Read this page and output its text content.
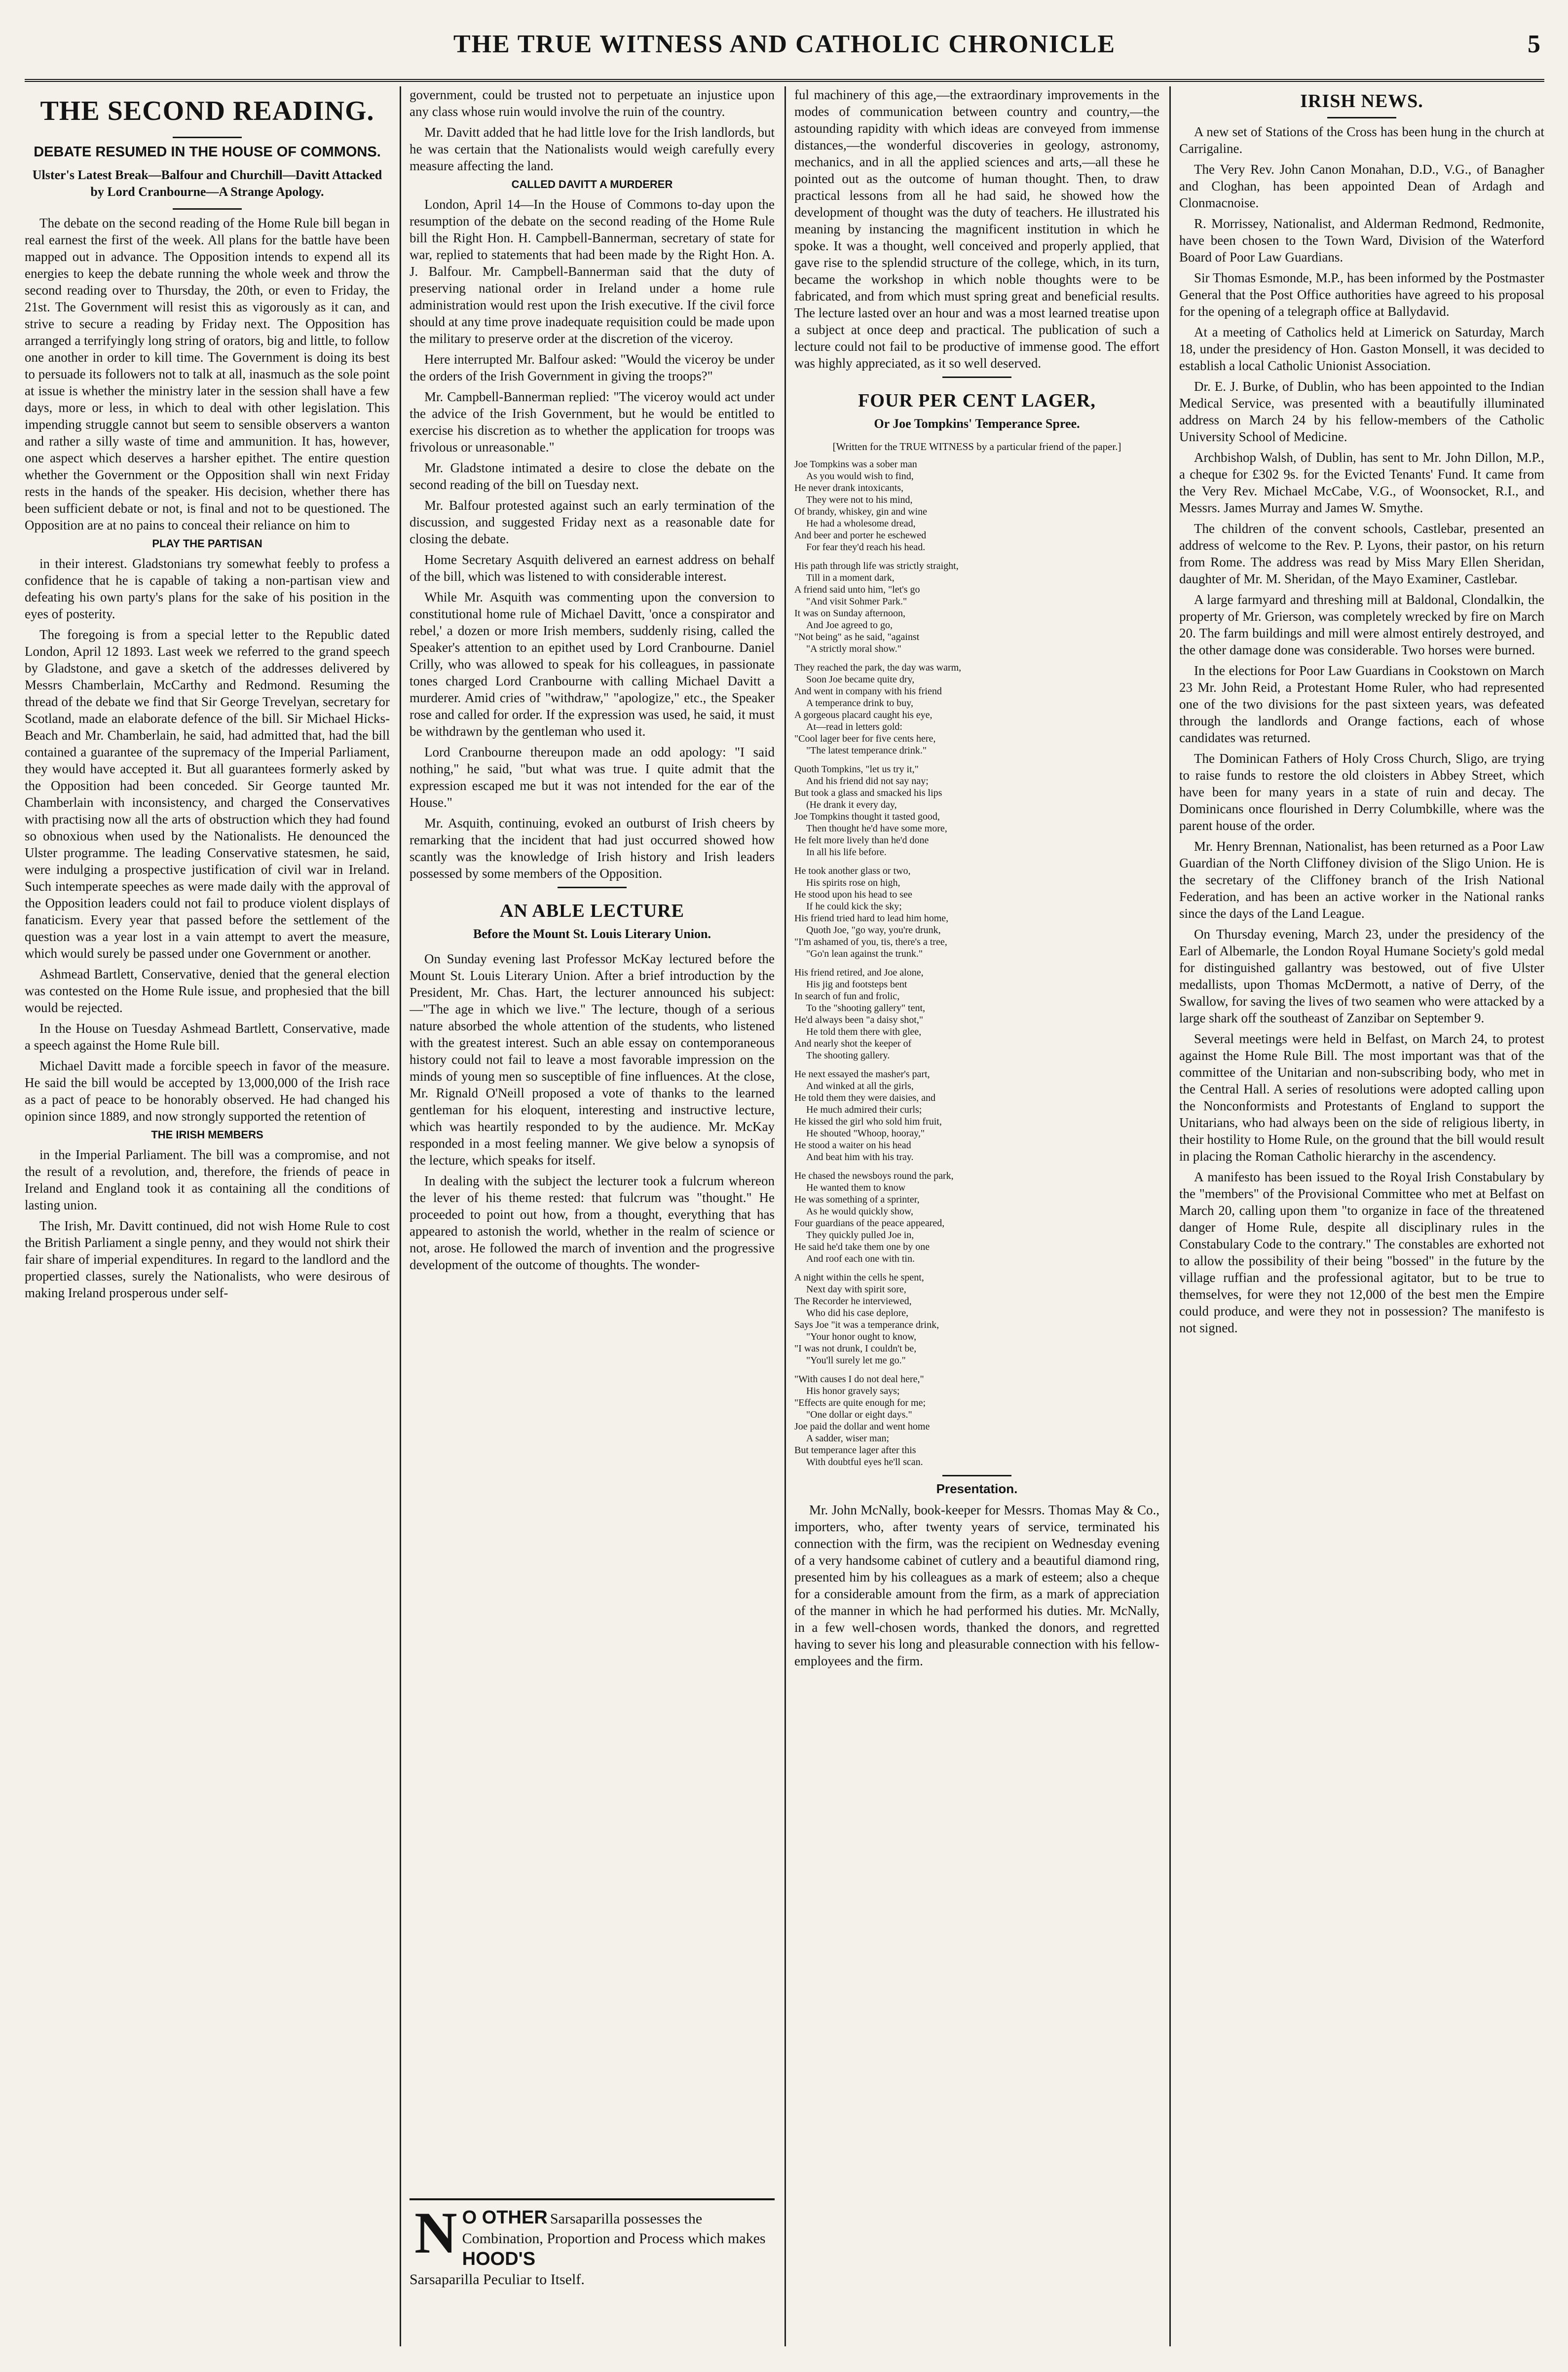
THE TRUE WITNESS AND CATHOLIC CHRONICLE	5
THE SECOND READING.
DEBATE RESUMED IN THE HOUSE OF COMMONS.
Ulster's Latest Break—Balfour and Churchill—Davitt Attacked by Lord Cranbourne—A Strange Apology.

The debate on the second reading of the Home Rule bill began in real earnest the first of the week. All plans for the battle have been mapped out in advance. The Opposition intends to expend all its energies to keep the debate running the whole week and throw the second reading over to Thursday, the 20th, or even to Friday, the 21st. The Government will resist this as vigorously as it can, and strive to secure a reading by Friday next. The Opposition has arranged a terrifyingly long string of orators, big and little, to follow one another in order to kill time. The Government is doing its best to persuade its followers not to talk at all, inasmuch as the sole point at issue is whether the ministry later in the session shall have a few days, more or less, in which to deal with other legislation. This impending struggle cannot but seem to sensible observers a wanton and rather a silly waste of time and ammunition. It has, however, one aspect which deserves a harsher epithet. The entire question whether the Government or the Opposition shall win next Friday rests in the hands of the speaker. His decision, whether there has been sufficient debate or not, is final and not to be questioned. The Opposition are at no pains to conceal their reliance on him to

PLAY THE PARTISAN

in their interest. Gladstonians try somewhat feebly to profess a confidence that he is capable of taking a non-partisan view and defeating his own party's plans for the sake of his position in the eyes of posterity.

The foregoing is from a special letter to the Republic dated London, April 12 1893. Last week we referred to the grand speech by Gladstone, and gave a sketch of the addresses delivered by Messrs Chamberlain, McCarthy and Redmond. Resuming the thread of the debate we find that Sir George Trevelyan, secretary for Scotland, made an elaborate defence of the bill. Sir Michael Hicks-Beach and Mr. Chamberlain, he said, had admitted that, had the bill contained a guarantee of the supremacy of the Imperial Parliament, they would have accepted it. But all guarantees formerly asked by the Opposition had been conceded. Sir George taunted Mr. Chamberlain with inconsistency, and charged the Conservatives with practising now all the arts of obstruction which they had found so obnoxious when used by the Nationalists. He denounced the Ulster programme. The leading Conservative statesmen, he said, were indulging a prospective justification of civil war in Ireland. Such intemperate speeches as were made daily with the approval of the Opposition leaders could not fail to produce violent displays of fanaticism. Every year that passed before the settlement of the question was a year lost in a vain attempt to avert the measure, which would surely be passed under one Government or another.

Ashmead Bartlett, Conservative, denied that the general election was contested on the Home Rule issue, and prophesied that the bill would be rejected.

In the House on Tuesday Ashmead Bartlett, Conservative, made a speech against the Home Rule bill.

Michael Davitt made a forcible speech in favor of the measure. He said the bill would be accepted by 13,000,000 of the Irish race as a pact of peace to be honorably observed. He had changed his opinion since 1889, and now strongly supported the retention of

THE IRISH MEMBERS

in the Imperial Parliament. The bill was a compromise, and not the result of a revolution, and, therefore, the friends of peace in Ireland and England took it as containing all the conditions of lasting union.

The Irish, Mr. Davitt continued, did not wish Home Rule to cost the British Parliament a single penny, and they would not shirk their fair share of imperial expenditures. In regard to the landlord and the propertied classes, surely the Nationalists, who were desirous of making Ireland prosperous under self-

government, could be trusted not to perpetuate an injustice upon any class whose ruin would involve the ruin of the country.

Mr. Davitt added that he had little love for the Irish landlords, but he was certain that the Nationalists would weigh carefully every measure affecting the land.

CALLED DAVITT A MURDERER

London, April 14—In the House of Commons to-day upon the resumption of the debate on the second reading of the Home Rule bill the Right Hon. H. Campbell-Bannerman, secretary of state for war, replied to statements that had been made by the Right Hon. A. J. Balfour. Mr. Campbell-Bannerman said that the duty of preserving national order in Ireland under a home rule administration would rest upon the Irish executive. If the civil force should at any time prove inadequate requisition could be made upon the military to preserve order at the discretion of the viceroy.

Here interrupted Mr. Balfour asked: "Would the viceroy be under the orders of the Irish Government in giving the troops?"

Mr. Campbell-Bannerman replied: "The viceroy would act under the advice of the Irish Government, but he would be entitled to exercise his discretion as to whether the application for troops was frivolous or unreasonable."

Mr. Gladstone intimated a desire to close the debate on the second reading of the bill on Tuesday next.

Mr. Balfour protested against such an early termination of the discussion, and suggested Friday next as a reasonable date for closing the debate.

Home Secretary Asquith delivered an earnest address on behalf of the bill, which was listened to with considerable interest.

While Mr. Asquith was commenting upon the conversion to constitutional home rule of Michael Davitt, 'once a conspirator and rebel,' a dozen or more Irish members, suddenly rising, called the Speaker's attention to an epithet used by Lord Cranbourne. Daniel Crilly, who was allowed to speak for his colleagues, in passionate tones charged Lord Cranbourne with calling Michael Davitt a murderer. Amid cries of "withdraw," "apologize," etc., the Speaker rose and called for order. If the expression was used, he said, it must be withdrawn by the gentleman who used it.

Lord Cranbourne thereupon made an odd apology: "I said nothing," he said, "but what was true. I quite admit that the expression escaped me but it was not intended for the ear of the House."

Mr. Asquith, continuing, evoked an outburst of Irish cheers by remarking that the incident that had just occurred showed how scantly was the knowledge of Irish history and Irish leaders possessed by some members of the Opposition.

AN ABLE LECTURE
Before the Mount St. Louis Literary Union.

On Sunday evening last Professor McKay lectured before the Mount St. Louis Literary Union. After a brief introduction by the President, Mr. Chas. Hart, the lecturer announced his subject:—"The age in which we live." The lecture, though of a serious nature absorbed the whole attention of the students, who listened with the greatest interest. Such an able essay on contemporaneous history could not fail to leave a most favorable impression on the minds of young men so susceptible of fine influences. At the close, Mr. Rignald O'Neill proposed a vote of thanks to the learned gentleman for his eloquent, interesting and instructive lecture, which was heartily responded to by the audience. Mr. McKay responded in a most feeling manner. We give below a synopsis of the lecture, which speaks for itself.

In dealing with the subject the lecturer took a fulcrum whereon the lever of his theme rested: that fulcrum was "thought." He proceeded to point out how, from a thought, everything that has appeared to astonish the world, whether in the realm of science or not, arose. He followed the march of invention and the progressive development of the outcome of thoughts. The wonder-

N O OTHER Sarsaparilla possesses the Combination, Proportion and Process which makes HOOD'S
Sarsaparilla Peculiar to Itself.

ful machinery of this age,—the extraordinary improvements in the modes of communication between country and country,—the astounding rapidity with which ideas are conveyed from immense distances,—the wonderful discoveries in geology, astronomy, mechanics, and in all the applied sciences and arts,—all these he pointed out as the outcome of human thought. Then, to draw practical lessons from all he had said, he showed how the development of thought was the duty of teachers. He illustrated his meaning by instancing the magnificent institution in which he spoke. It was a thought, well conceived and properly applied, that gave rise to the splendid structure of the college, which, in its turn, became the workshop in which noble thoughts were to be fabricated, and from which must spring great and beneficial results. The lecture lasted over an hour and was a most learned treatise upon a subject at once deep and practical. The publication of such a lecture could not fail to be productive of immense good. The effort was highly appreciated, as it so well deserved.

FOUR PER CENT LAGER,
Or Joe Tompkins' Temperance Spree.
[Written for the TRUE WITNESS by a particular friend of the paper.]
Joe Tompkins was a sober man
As you would wish to find,
He never drank intoxicants,
They were not to his mind,
Of brandy, whiskey, gin and wine
He had a wholesome dread,
And beer and porter he eschewed
For fear they'd reach his head.
His path through life was strictly straight,
Till in a moment dark,
A friend said unto him, "let's go
"And visit Sohmer Park."
It was on Sunday afternoon,
And Joe agreed to go,
"Not being" as he said, "against
"A strictly moral show."
They reached the park, the day was warm,
Soon Joe became quite dry,
And went in company with his friend
A temperance drink to buy,
A gorgeous placard caught his eye,
At—read in letters gold:
"Cool lager beer for five cents here,
"The latest temperance drink."
Quoth Tompkins, "let us try it,"
And his friend did not say nay;
But took a glass and smacked his lips
(He drank it every day,
Joe Tompkins thought it tasted good,
Then thought he'd have some more,
He felt more lively than he'd done
In all his life before.
He took another glass or two,
His spirits rose on high,
He stood upon his head to see
If he could kick the sky;
His friend tried hard to lead him home,
Quoth Joe, "go way, you're drunk,
"I'm ashamed of you, tis, there's a tree,
"Go'n lean against the trunk."
His friend retired, and Joe alone,
His jig and footsteps bent
In search of fun and frolic,
To the "shooting gallery" tent,
He'd always been "a daisy shot,"
He told them there with glee,
And nearly shot the keeper of
The shooting gallery.
He next essayed the masher's part,
And winked at all the girls,
He told them they were daisies, and
He much admired their curls;
He kissed the girl who sold him fruit,
He shouted "Whoop, hooray,"
He stood a waiter on his head
And beat him with his tray.
He chased the newsboys round the park,
He wanted them to know
He was something of a sprinter,
As he would quickly show,
Four guardians of the peace appeared,
They quickly pulled Joe in,
He said he'd take them one by one
And roof each one with tin.
A night within the cells he spent,
Next day with spirit sore,
The Recorder he interviewed,
Who did his case deplore,
Says Joe "it was a temperance drink,
"Your honor ought to know,
"I was not drunk, I couldn't be,
"You'll surely let me go."
"With causes I do not deal here,"
His honor gravely says;
"Effects are quite enough for me;
"One dollar or eight days."
Joe paid the dollar and went home
A sadder, wiser man;
But temperance lager after this
With doubtful eyes he'll scan.
Presentation.

Mr. John McNally, book-keeper for Messrs. Thomas May & Co., importers, who, after twenty years of service, terminated his connection with the firm, was the recipient on Wednesday evening of a very handsome cabinet of cutlery and a beautiful diamond ring, presented him by his colleagues as a mark of esteem; also a cheque for a considerable amount from the firm, as a mark of appreciation of the manner in which he had performed his duties. Mr. McNally, in a few well-chosen words, thanked the donors, and regretted having to sever his long and pleasurable connection with his fellow-employees and the firm.

IRISH NEWS.

A new set of Stations of the Cross has been hung in the church at Carrigaline.

The Very Rev. John Canon Monahan, D.D., V.G., of Banagher and Cloghan, has been appointed Dean of Ardagh and Clonmacnoise.

R. Morrissey, Nationalist, and Alderman Redmond, Redmonite, have been chosen to the Town Ward, Division of the Waterford Board of Poor Law Guardians.

Sir Thomas Esmonde, M.P., has been informed by the Postmaster General that the Post Office authorities have agreed to his proposal for the opening of a telegraph office at Ballydavid.

At a meeting of Catholics held at Limerick on Saturday, March 18, under the presidency of Hon. Gaston Monsell, it was decided to establish a local Catholic Unionist Association.

Dr. E. J. Burke, of Dublin, who has been appointed to the Indian Medical Service, was presented with a beautifully illuminated address on March 24 by his fellow-members of the Catholic University School of Medicine.

Archbishop Walsh, of Dublin, has sent to Mr. John Dillon, M.P., a cheque for £302 9s. for the Evicted Tenants' Fund. It came from the Very Rev. Michael McCabe, V.G., of Woonsocket, R.I., and Messrs. James Murray and James W. Smythe.

The children of the convent schools, Castlebar, presented an address of welcome to the Rev. P. Lyons, their pastor, on his return from Rome. The address was read by Miss Mary Ellen Sheridan, daughter of Mr. M. Sheridan, of the Mayo Examiner, Castlebar.

A large farmyard and threshing mill at Baldonal, Clondalkin, the property of Mr. Grierson, was completely wrecked by fire on March 20. The farm buildings and mill were almost entirely destroyed, and the other damage done was considerable. Two horses were burned.

In the elections for Poor Law Guardians in Cookstown on March 23 Mr. John Reid, a Protestant Home Ruler, who had represented one of the two divisions for the past sixteen years, was defeated through the landlords and Orange factions, each of whose candidates was returned.

The Dominican Fathers of Holy Cross Church, Sligo, are trying to raise funds to restore the old cloisters in Abbey Street, which have been for many years in a state of ruin and decay. The Dominicans once flourished in Derry Columbkille, where was the parent house of the order.

Mr. Henry Brennan, Nationalist, has been returned as a Poor Law Guardian of the North Cliffoney division of the Sligo Union. He is the secretary of the Cliffoney branch of the Irish National Federation, and has been an active worker in the National ranks since the days of the Land League.

On Thursday evening, March 23, under the presidency of the Earl of Albemarle, the London Royal Humane Society's gold medal for distinguished gallantry was bestowed, out of five Ulster medallists, upon Thomas McDermott, a native of Derry, of the Swallow, for saving the lives of two seamen who were attacked by a large shark off the southeast of Zanzibar on September 9.

Several meetings were held in Belfast, on March 24, to protest against the Home Rule Bill. The most important was that of the committee of the Unitarian and non-subscribing body, who met in the Central Hall. A series of resolutions were adopted calling upon the Nonconformists and Protestants of England to support the Unitarians, who had always been on the side of religious liberty, in their hostility to Home Rule, on the ground that the bill would result in placing the Roman Catholic hierarchy in the ascendency.

A manifesto has been issued to the Royal Irish Constabulary by the "members" of the Provisional Committee who met at Belfast on March 20, calling upon them "to organize in face of the threatened danger of Home Rule, despite all disciplinary rules in the Constabulary Code to the contrary." The constables are exhorted not to allow the possibility of their being "bossed" in the future by the village ruffian and the professional agitator, but to be true to themselves, for were they not 12,000 of the best men the Empire could produce, and were they not in possession? The manifesto is not signed.
